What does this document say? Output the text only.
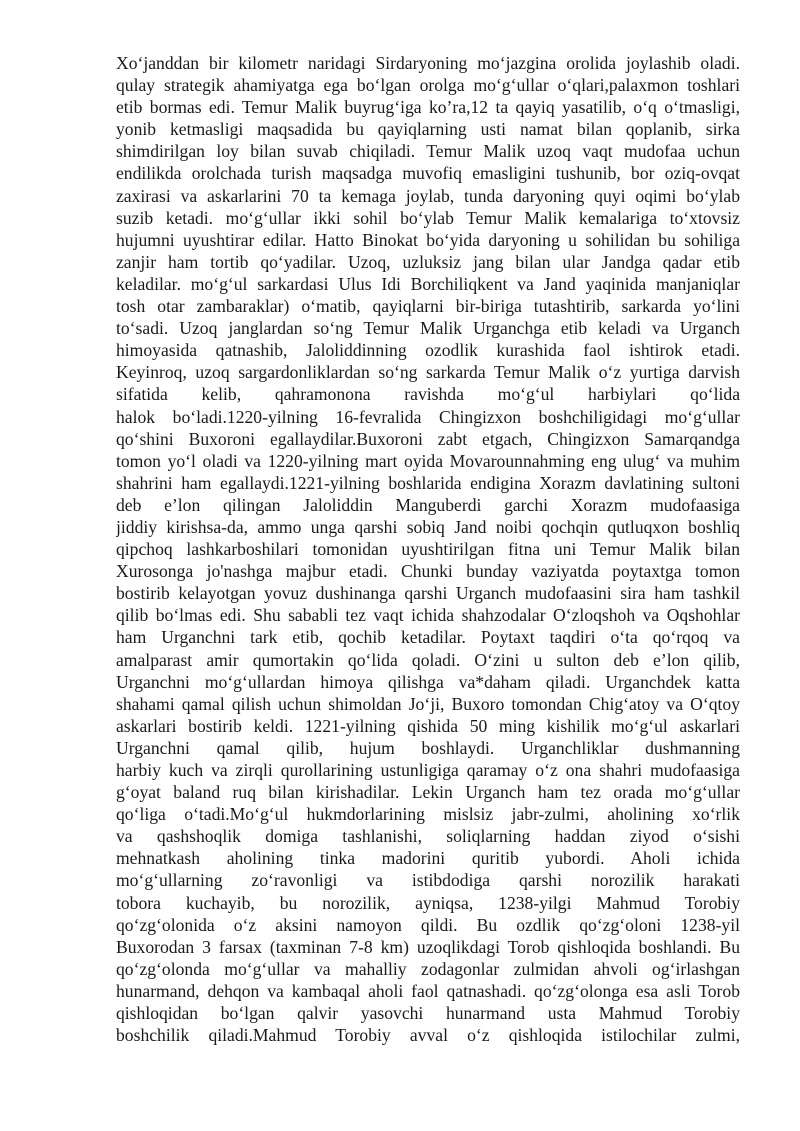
Xo‘janddan bir kilometr naridagi Sirdaryoning mo‘jazgina orolida joylashib oladi.
qulay strategik ahamiyatga ega bo‘lgan orolga mo‘g‘ullar o‘qlari,palaxmon toshlari
etib bormas edi. Temur Malik buyrug‘iga ko’ra,12 ta qayiq yasatilib, o‘q o‘tmasligi,
yonib ketmasligi maqsadida bu qayiqlarning usti namat bilan qoplanib, sirka
shimdirilgan loy bilan suvab chiqiladi. Temur Malik uzoq vaqt mudofaa uchun
endilikda orolchada turish maqsadga muvofiq emasligini tushunib, bor oziq-ovqat
zaxirasi va askarlarini 70 ta kemaga joylab, tunda daryoning quyi oqimi bo‘ylab
suzib ketadi. mo‘g‘ullar ikki sohil bo‘ylab Temur Malik kemalariga to‘xtovsiz
hujumni uyushtirar edilar. Hatto Binokat bo‘yida daryoning u sohilidan bu sohiliga
zanjir ham tortib qo‘yadilar. Uzoq, uzluksiz jang bilan ular Jandga qadar etib
keladilar. mo‘g‘ul sarkardasi Ulus Idi Borchiliqkent va Jand yaqinida manjaniqlar
tosh otar zambaraklar) o‘matib, qayiqlarni bir-biriga tutashtirib, sarkarda yo‘lini
to‘sadi. Uzoq janglardan so‘ng Temur Malik Urganchga etib keladi va Urganch
himoyasida qatnashib, Jaloliddinning ozodlik kurashida faol ishtirok etadi.
Keyinroq, uzoq sargardonliklardan so‘ng sarkarda Temur Malik o‘z yurtiga darvish
sifatida kelib, qahramonona ravishda mo‘g‘ul harbiylari qo‘lida
halok bo‘ladi.1220-yilning 16-fevralida Chingizxon boshchiligidagi mo‘g‘ullar
qo‘shini Buxoroni egallaydilar.Buxoroni zabt etgach, Chingizxon Samarqandga
tomon yo‘l oladi va 1220-yilning mart oyida Movarounnahming eng ulug‘ va muhim
shahrini ham egallaydi.1221-yilning boshlarida endigina Xorazm davlatining sultoni
deb e’lon qilingan Jaloliddin Manguberdi garchi Xorazm mudofaasiga
jiddiy kirishsa-da, ammo unga qarshi sobiq Jand noibi qochqin qutluqxon boshliq
qipchoq lashkarboshilari tomonidan uyushtirilgan fitna uni Temur Malik bilan
Xurosonga jo'nashga majbur etadi. Chunki bunday vaziyatda poytaxtga tomon
bostirib kelayotgan yovuz dushinanga qarshi Urganch mudofaasini sira ham tashkil
qilib bo‘lmas edi. Shu sababli tez vaqt ichida shahzodalar O‘zloqshoh va Oqshohlar
ham Urganchni tark etib, qochib ketadilar. Poytaxt taqdiri o‘ta qo‘rqoq va
amalparast amir qumortakin qo‘lida qoladi. O‘zini u sulton deb e’lon qilib,
Urganchni mo‘g‘ullardan himoya qilishga va*daham qiladi. Urganchdek katta
shahami qamal qilish uchun shimoldan Jo‘ji, Buxoro tomondan Chig‘atoy va O‘qtoy
askarlari bostirib keldi. 1221-yilning qishida 50 ming kishilik mo‘g‘ul askarlari
Urganchni qamal qilib, hujum boshlaydi. Urganchliklar dushmanning
harbiy kuch va zirqli qurollarining ustunligiga qaramay o‘z ona shahri mudofaasiga
g‘oyat baland ruq bilan kirishadilar. Lekin Urganch ham tez orada mo‘g‘ullar
qo‘liga o‘tadi.Mo‘g‘ul hukmdorlarining mislsiz jabr-zulmi, aholining xo‘rlik
va qashshoqlik domiga tashlanishi, soliqlarning haddan ziyod o‘sishi
mehnatkash aholining tinka madorini quritib yubordi. Aholi ichida
mo‘g‘ullarning zo‘ravonligi va istibdodiga qarshi norozilik harakati
tobora kuchayib, bu norozilik, ayniqsa, 1238-yilgi Mahmud Torobiy
qo‘zg‘olonida o‘z aksini namoyon qildi. Bu ozdlik qo‘zg‘oloni 1238-yil
Buxorodan 3 farsax (taxminan 7-8 km) uzoqlikdagi Torob qishloqida boshlandi. Bu
qo‘zg‘olonda mo‘g‘ullar va mahalliy zodagonlar zulmidan ahvoli og‘irlashgan
hunarmand, dehqon va kambaqal aholi faol qatnashadi. qo‘zg‘olonga esa asli Torob
qishloqidan bo‘lgan qalvir yasovchi hunarmand usta Mahmud Torobiy
boshchilik qiladi.Mahmud Torobiy avval o‘z qishloqida istilochilar zulmi,
